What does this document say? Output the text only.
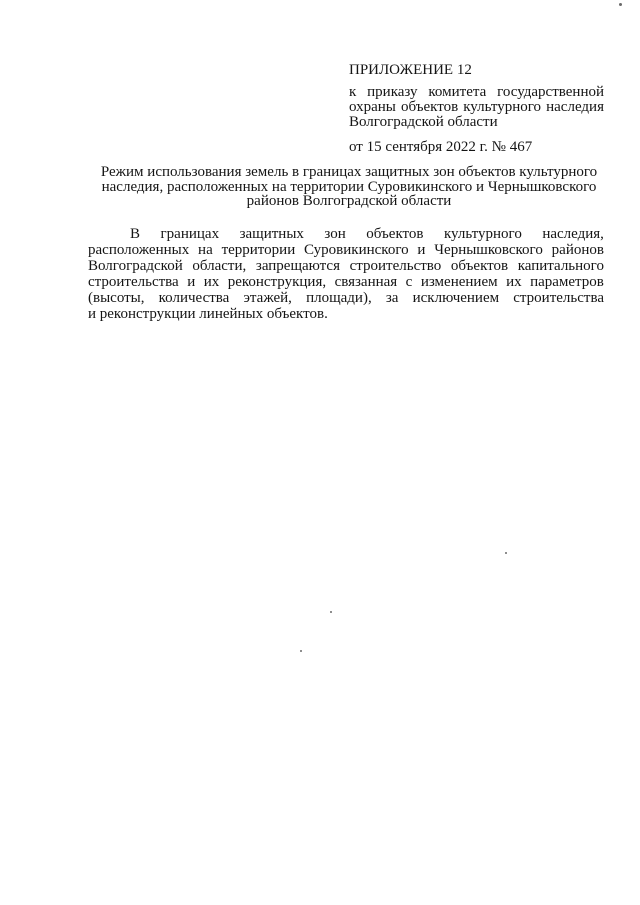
ПРИЛОЖЕНИЕ 12
к приказу комитета государственной
охраны объектов культурного наследия
Волгоградской области
от 15 сентября 2022 г. № 467
Режим использования земель в границах защитных зон объектов культурного
наследия, расположенных на территории Суровикинского и Чернышковского
районов Волгоградской области
В границах защитных зон объектов культурного наследия,
расположенных на территории Суровикинского и Чернышковского районов
Волгоградской области, запрещаются строительство объектов капитального
строительства и их реконструкция, связанная с изменением их параметров
(высоты, количества этажей, площади), за исключением строительства
и реконструкции линейных объектов.
